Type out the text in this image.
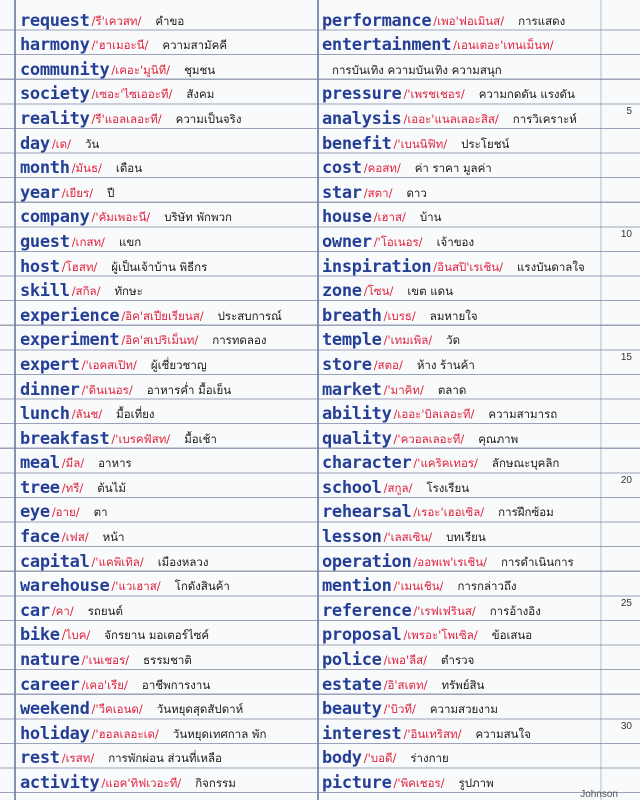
request /รี'เควสท/ คำขอ
harmony /'ฮาเมอะนี/ ความสามัคคี
community /เคอะ'มูนิที/ ชุมชน
society /เซอะ'ไซเออะที/ สังคม
reality /รี'แอลเลอะที/ ความเป็นจริง
day /เด/ วัน
month /มันธ/ เดือน
year /เยียร/ ปี
company /'คัมเพอะนี/ บริษัท พักพวก
guest /เกสท/ แขก
host /โฮสท/ ผู้เป็นเจ้าบ้าน พิธีกร
skill /สกิล/ ทักษะ
experience /อิค'สเปียเรียนส/ ประสบการณ์
experiment /อิค'สเปริเม็นท/ การทดลอง
expert /'เอคสเปิท/ ผู้เชี่ยวชาญ
dinner /'ดินเนอร/ อาหารค่ำ มื้อเย็น
lunch /ลันช/ มื้อเที่ยง
breakfast /'เบรคฟัสท/ มื้อเช้า
meal /มีล/ อาหาร
tree /ทรี/ ต้นไม้
eye /อาย/ ตา
face /เฟส/ หน้า
capital /'แคพิเทิล/ เมืองหลวง
warehouse /'แวเฮาส/ โกดังสินค้า
car /คา/ รถยนต์
bike /ไบค/ จักรยาน มอเตอร์ไซค์
nature /'เนเชอร/ ธรรมชาติ
career /เคอ'เรีย/ อาชีพการงาน
weekend /'วีคเอนด/ วันหยุดสุดสัปดาห์
holiday /'ฮอลเลอะเด/ วันหยุดเทศกาล พัก
rest /เรสท/ การพักผ่อน ส่วนที่เหลือ
activity /แอค'ทิฟเวอะที/ กิจกรรม
performance /เพอ'ฟอเมินส/ การแสดง
entertainment /เอนเตอะ'เทนเม็นท/
การบันเทิง ความบันเทิง ความสนุก
pressure /'เพรชเชอร/ ความกดดัน แรงดัน
analysis /เออะ'แนลเลอะสิส/ การวิเคราะห์
benefit /'เบนนิฟิท/ ประโยชน์
cost /คอสท/ ค่า ราคา มูลค่า
star /สตา/ ดาว
house /เฮาส/ บ้าน
owner /'โอเนอร/ เจ้าของ
inspiration /อินสปิ'เรเชิน/ แรงบันดาลใจ
zone /โซน/ เขต แดน
breath /เบรธ/ ลมหายใจ
temple /'เทมเพิล/ วัด
store /สตอ/ ห้าง ร้านค้า
market /'มาคิท/ ตลาด
ability /เออะ'บิลเลอะที/ ความสามารถ
quality /'ควอลเลอะที/ คุณภาพ
character /'แคริคเทอร/ ลักษณะบุคลิก
school /สกูล/ โรงเรียน
rehearsal /เรอะ'เฮอเซิล/ การฝึกซ้อม
lesson /'เลสเซิน/ บทเรียน
operation /ออพเพ'เรเชิน/ การดำเนินการ
mention /'เมนเชิน/ การกล่าวถึง
reference /'เรฟเฟรินส/ การอ้างอิง
proposal /เพรอะ'โพเซิล/ ข้อเสนอ
police /เพอ'ลีส/ ตำรวจ
estate /อิ'สเตท/ ทรัพย์สิน
beauty /'บิวที/ ความสวยงาม
interest /'อินเทริสท/ ความสนใจ
body /'บอดี/ ร่างกาย
picture /'พิคเชอร/ รูปภาพ
5
10
15
20
25
30
Johnson
